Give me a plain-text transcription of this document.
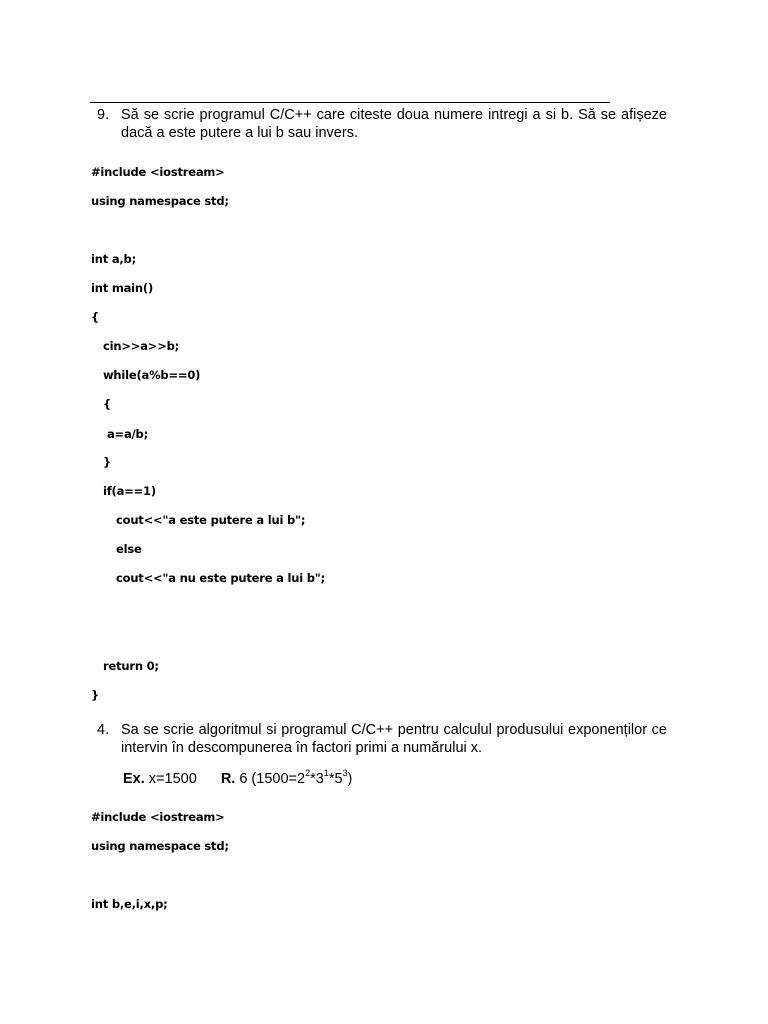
9. Să se scrie programul C/C++ care citeste doua numere intregi a si b. Să se afișeze dacă a este putere a lui b sau invers.
#include <iostream>
using namespace std;
int a,b;
int main()
{
cin>>a>>b;
while(a%b==0)
{
a=a/b;
}
if(a==1)
cout<<"a este putere a lui b";
else
cout<<"a nu este putere a lui b";
return 0;
}
4. Sa se scrie algoritmul si programul C/C++ pentru calculul produsului exponenților ce intervin în descompunerea în factori primi a numărului x.
Ex. x=1500 R. 6 $(1500=2^2*3^1*5^3)$
#include <iostream>
using namespace std;
int b,e,i,x,p;
